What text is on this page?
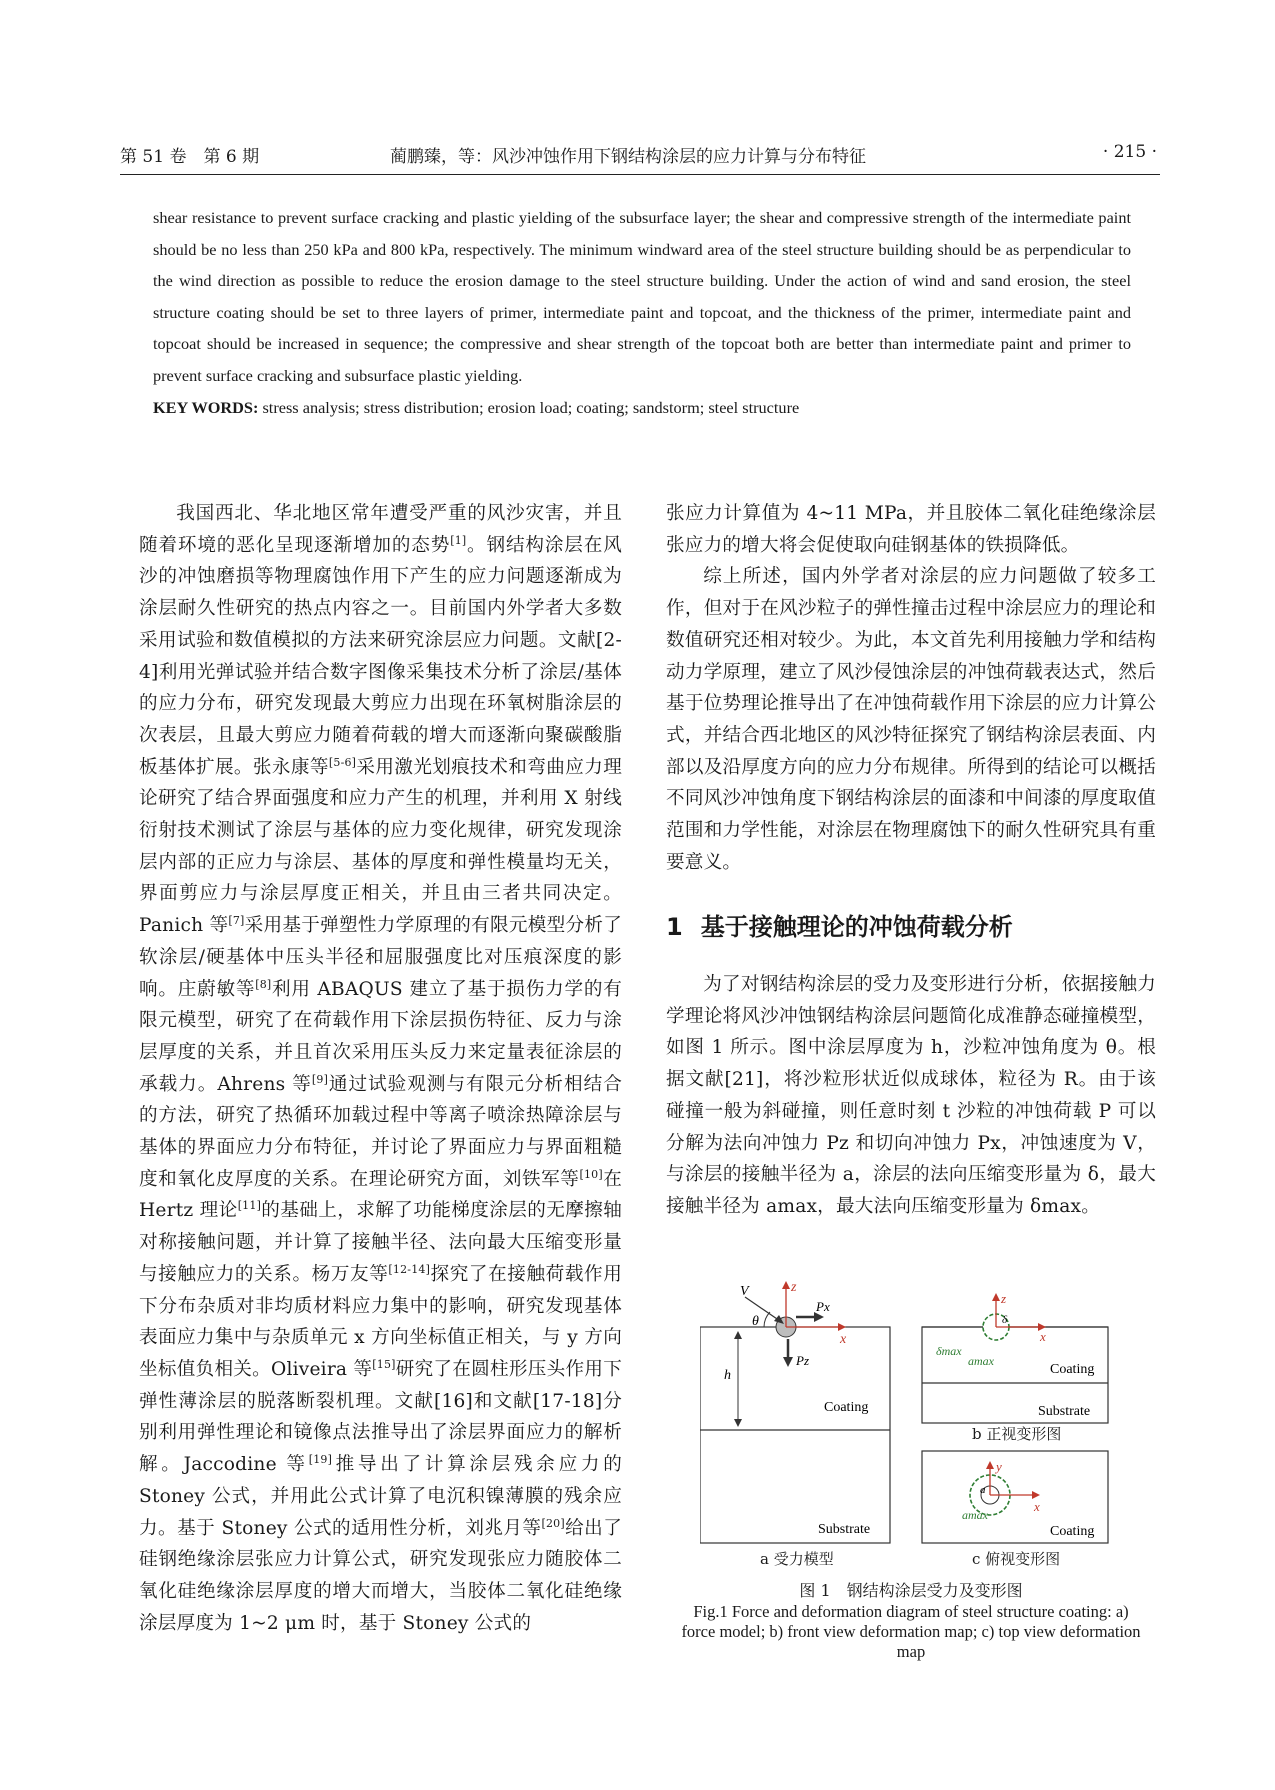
第 51 卷　第 6 期	蔺鹏臻，等：风沙冲蚀作用下钢结构涂层的应力计算与分布特征	· 215 ·

shear resistance to prevent surface cracking and plastic yielding of the subsurface layer; the shear and compressive strength of the intermediate paint should be no less than 250 kPa and 800 kPa, respectively. The minimum windward area of the steel structure building should be as perpendicular to the wind direction as possible to reduce the erosion damage to the steel structure building. Under the action of wind and sand erosion, the steel structure coating should be set to three layers of primer, intermediate paint and topcoat, and the thickness of the primer, intermediate paint and topcoat should be increased in sequence; the compressive and shear strength of the topcoat both are better than intermediate paint and primer to prevent surface cracking and subsurface plastic yielding.

KEY WORDS: stress analysis; stress distribution; erosion load; coating; sandstorm; steel structure

我国西北、华北地区常年遭受严重的风沙灾害，并且随着环境的恶化呈现逐渐增加的态势[1]。钢结构涂层在风沙的冲蚀磨损等物理腐蚀作用下产生的应力问题逐渐成为涂层耐久性研究的热点内容之一。目前国内外学者大多数采用试验和数值模拟的方法来研究涂层应力问题。文献[2-4]利用光弹试验并结合数字图像采集技术分析了涂层/基体的应力分布，研究发现最大剪应力出现在环氧树脂涂层的次表层，且最大剪应力随着荷载的增大而逐渐向聚碳酸脂板基体扩展。张永康等[5-6]采用激光划痕技术和弯曲应力理论研究了结合界面强度和应力产生的机理，并利用 X 射线衍射技术测试了涂层与基体的应力变化规律，研究发现涂层内部的正应力与涂层、基体的厚度和弹性模量均无关，界面剪应力与涂层厚度正相关，并且由三者共同决定。Panich 等[7]采用基于弹塑性力学原理的有限元模型分析了软涂层/硬基体中压头半径和屈服强度比对压痕深度的影响。庄蔚敏等[8]利用 ABAQUS 建立了基于损伤力学的有限元模型，研究了在荷载作用下涂层损伤特征、反力与涂层厚度的关系，并且首次采用压头反力来定量表征涂层的承载力。Ahrens 等[9]通过试验观测与有限元分析相结合的方法，研究了热循环加载过程中等离子喷涂热障涂层与基体的界面应力分布特征，并讨论了界面应力与界面粗糙度和氧化皮厚度的关系。在理论研究方面，刘铁军等[10]在 Hertz 理论[11]的基础上，求解了功能梯度涂层的无摩擦轴对称接触问题，并计算了接触半径、法向最大压缩变形量与接触应力的关系。杨万友等[12-14]探究了在接触荷载作用下分布杂质对非均质材料应力集中的影响，研究发现基体表面应力集中与杂质单元 x 方向坐标值正相关，与 y 方向坐标值负相关。Oliveira 等[15]研究了在圆柱形压头作用下弹性薄涂层的脱落断裂机理。文献[16]和文献[17-18]分别利用弹性理论和镜像点法推导出了涂层界面应力的解析解。Jaccodine 等[19]推导出了计算涂层残余应力的 Stoney 公式，并用此公式计算了电沉积镍薄膜的残余应力。基于 Stoney 公式的适用性分析，刘兆月等[20]给出了硅钢绝缘涂层张应力计算公式，研究发现张应力随胶体二氧化硅绝缘涂层厚度的增大而增大，当胶体二氧化硅绝缘涂层厚度为 1~2 μm 时，基于 Stoney 公式的

张应力计算值为 4~11 MPa，并且胶体二氧化硅绝缘涂层张应力的增大将会促使取向硅钢基体的铁损降低。

综上所述，国内外学者对涂层的应力问题做了较多工作，但对于在风沙粒子的弹性撞击过程中涂层应力的理论和数值研究还相对较少。为此，本文首先利用接触力学和结构动力学原理，建立了风沙侵蚀涂层的冲蚀荷载表达式，然后基于位势理论推导出了在冲蚀荷载作用下涂层的应力计算公式，并结合西北地区的风沙特征探究了钢结构涂层表面、内部以及沿厚度方向的应力分布规律。所得到的结论可以概括不同风沙冲蚀角度下钢结构涂层的面漆和中间漆的厚度取值范围和力学性能，对涂层在物理腐蚀下的耐久性研究具有重要意义。

1 基于接触理论的冲蚀荷载分析

为了对钢结构涂层的受力及变形进行分析，依据接触力学理论将风沙冲蚀钢结构涂层问题简化成准静态碰撞模型，如图 1 所示。图中涂层厚度为 h，沙粒冲蚀角度为 θ。根据文献[21]，将沙粒形状近似成球体，粒径为 R。由于该碰撞一般为斜碰撞，则任意时刻 t 沙粒的冲蚀荷载 P 可以分解为法向冲蚀力 Pz 和切向冲蚀力 Px，冲蚀速度为 V，与涂层的接触半径为 a，涂层的法向压缩变形量为 δ，最大接触半径为 amax，最大法向压缩变形量为 δmax。

z
x
V
θ
Px
Pz
h
Coating
Substrate
z
x
δmax
amax
δ
Coating
Substrate
y
x
a
amax
Coating
a 受力模型
b 正视变形图
c 俯视变形图
图 1　钢结构涂层受力及变形图
Fig.1 Force and deformation diagram of steel structure coating: a) force model; b) front view deformation map; c) top view deformation map
